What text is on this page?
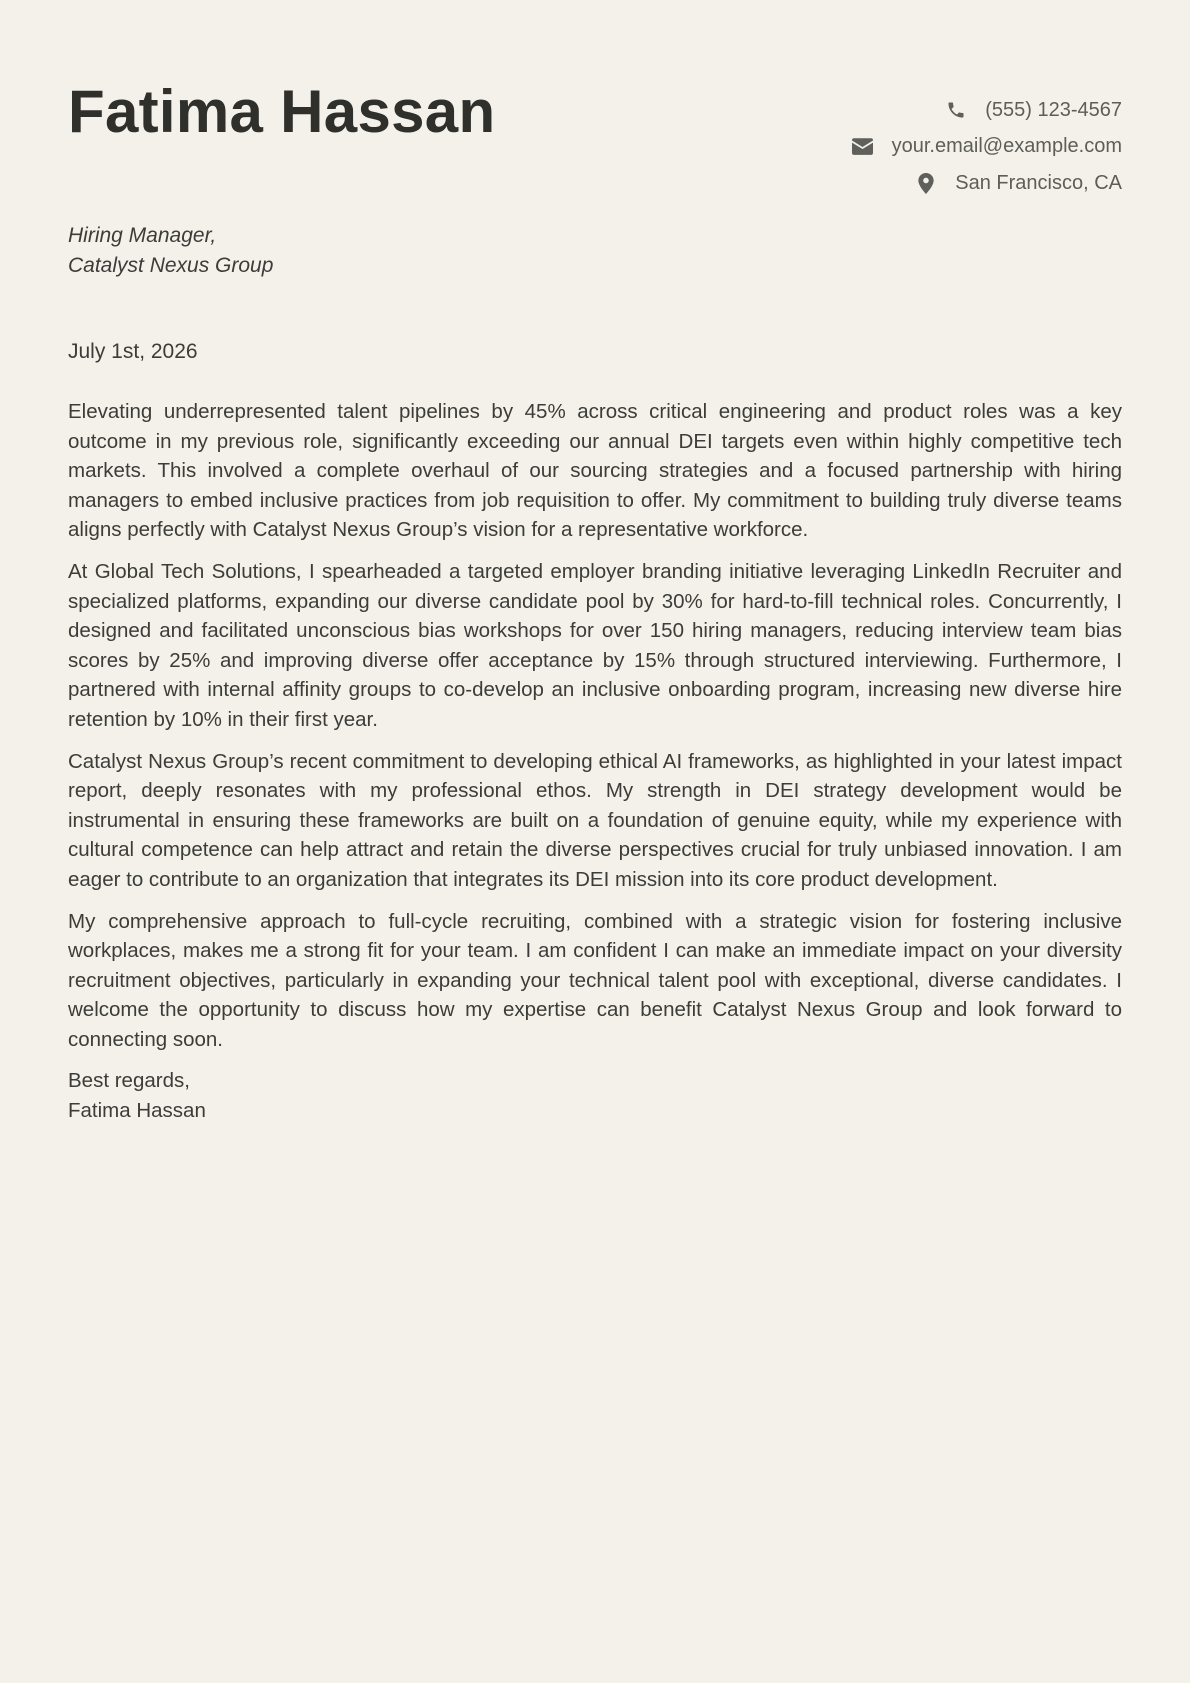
Fatima Hassan	(555) 123-4567
your.email@example.com
San Francisco, CA
Hiring Manager,
Catalyst Nexus Group
July 1st, 2026

Elevating underrepresented talent pipelines by 45% across critical engineering and product roles was a key outcome in my previous role, significantly exceeding our annual DEI targets even within highly competitive tech markets. This involved a complete overhaul of our sourcing strategies and a focused partnership with hiring managers to embed inclusive practices from job requisition to offer. My commitment to building truly diverse teams aligns perfectly with Catalyst Nexus Group’s vision for a representative workforce.

At Global Tech Solutions, I spearheaded a targeted employer branding initiative leveraging LinkedIn Recruiter and specialized platforms, expanding our diverse candidate pool by 30% for hard-to-fill technical roles. Concurrently, I designed and facilitated unconscious bias workshops for over 150 hiring managers, reducing interview team bias scores by 25% and improving diverse offer acceptance by 15% through structured interviewing. Furthermore, I partnered with internal affinity groups to co-develop an inclusive onboarding program, increasing new diverse hire retention by 10% in their first year.

Catalyst Nexus Group’s recent commitment to developing ethical AI frameworks, as highlighted in your latest impact report, deeply resonates with my professional ethos. My strength in DEI strategy development would be instrumental in ensuring these frameworks are built on a foundation of genuine equity, while my experience with cultural competence can help attract and retain the diverse perspectives crucial for truly unbiased innovation. I am eager to contribute to an organization that integrates its DEI mission into its core product development.

My comprehensive approach to full-cycle recruiting, combined with a strategic vision for fostering inclusive workplaces, makes me a strong fit for your team. I am confident I can make an immediate impact on your diversity recruitment objectives, particularly in expanding your technical talent pool with exceptional, diverse candidates. I welcome the opportunity to discuss how my expertise can benefit Catalyst Nexus Group and look forward to connecting soon.

Best regards,
Fatima Hassan
